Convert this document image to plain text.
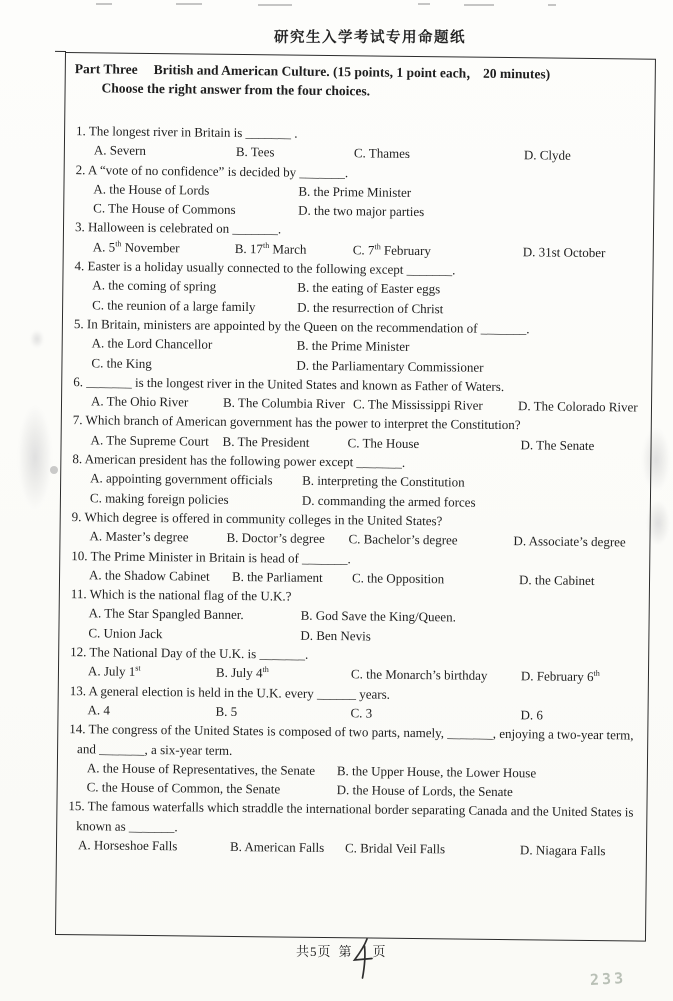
研究生入学考试专用命题纸
Part Three British and American Culture. (15 points, 1 point each， 20 minutes)
Choose the right answer from the four choices.
1. The longest river in Britain is _______ .
A. Severn	B. Tees	C. Thames	D. Clyde
2. A “vote of no confidence” is decided by _______.
A. the House of Lords	B. the Prime Minister
C. The House of Commons	D. the two major parties
3. Halloween is celebrated on _______.
A. 5th November	B. 17th March	C. 7th February	D. 31st October
4. Easter is a holiday usually connected to the following except _______.
A. the coming of spring	B. the eating of Easter eggs
C. the reunion of a large family	D. the resurrection of Christ
5. In Britain, ministers are appointed by the Queen on the recommendation of _______.
A. the Lord Chancellor	B. the Prime Minister
C. the King	D. the Parliamentary Commissioner
6. _______ is the longest river in the United States and known as Father of Waters.
A. The Ohio River	B. The Columbia River C. The Mississippi River	D. The Colorado River
7. Which branch of American government has the power to interpret the Constitution?
A. The Supreme Court	B. The President	C. The House	D. The Senate
8. American president has the following power except _______.
A. appointing government officials	B. interpreting the Constitution
C. making foreign policies	D. commanding the armed forces
9. Which degree is offered in community colleges in the United States?
A. Master’s degree	B. Doctor’s degree	C. Bachelor’s degree	D. Associate’s degree
10. The Prime Minister in Britain is head of _______.
A. the Shadow Cabinet	B. the Parliament	C. the Opposition	D. the Cabinet
11. Which is the national flag of the U.K.?
A. The Star Spangled Banner.	B. God Save the King/Queen.
C. Union Jack	D. Ben Nevis
12. The National Day of the U.K. is _______.
A. July 1st	B. July 4th	C. the Monarch’s birthday	D. February 6th
13. A general election is held in the U.K. every ______ years.
A. 4	B. 5	C. 3	D. 6
14. The congress of the United States is composed of two parts, namely, _______, enjoying a two-year term,
and _______, a six-year term.
A. the House of Representatives, the Senate	B. the Upper House, the Lower House
C. the House of Common, the Senate	D. the House of Lords, the Senate
15. The famous waterfalls which straddle the international border separating Canada and the United States is
known as _______.
A. Horseshoe Falls	B. American Falls	C. Bridal Veil Falls	D. Niagara Falls
共5页 第 页
233
